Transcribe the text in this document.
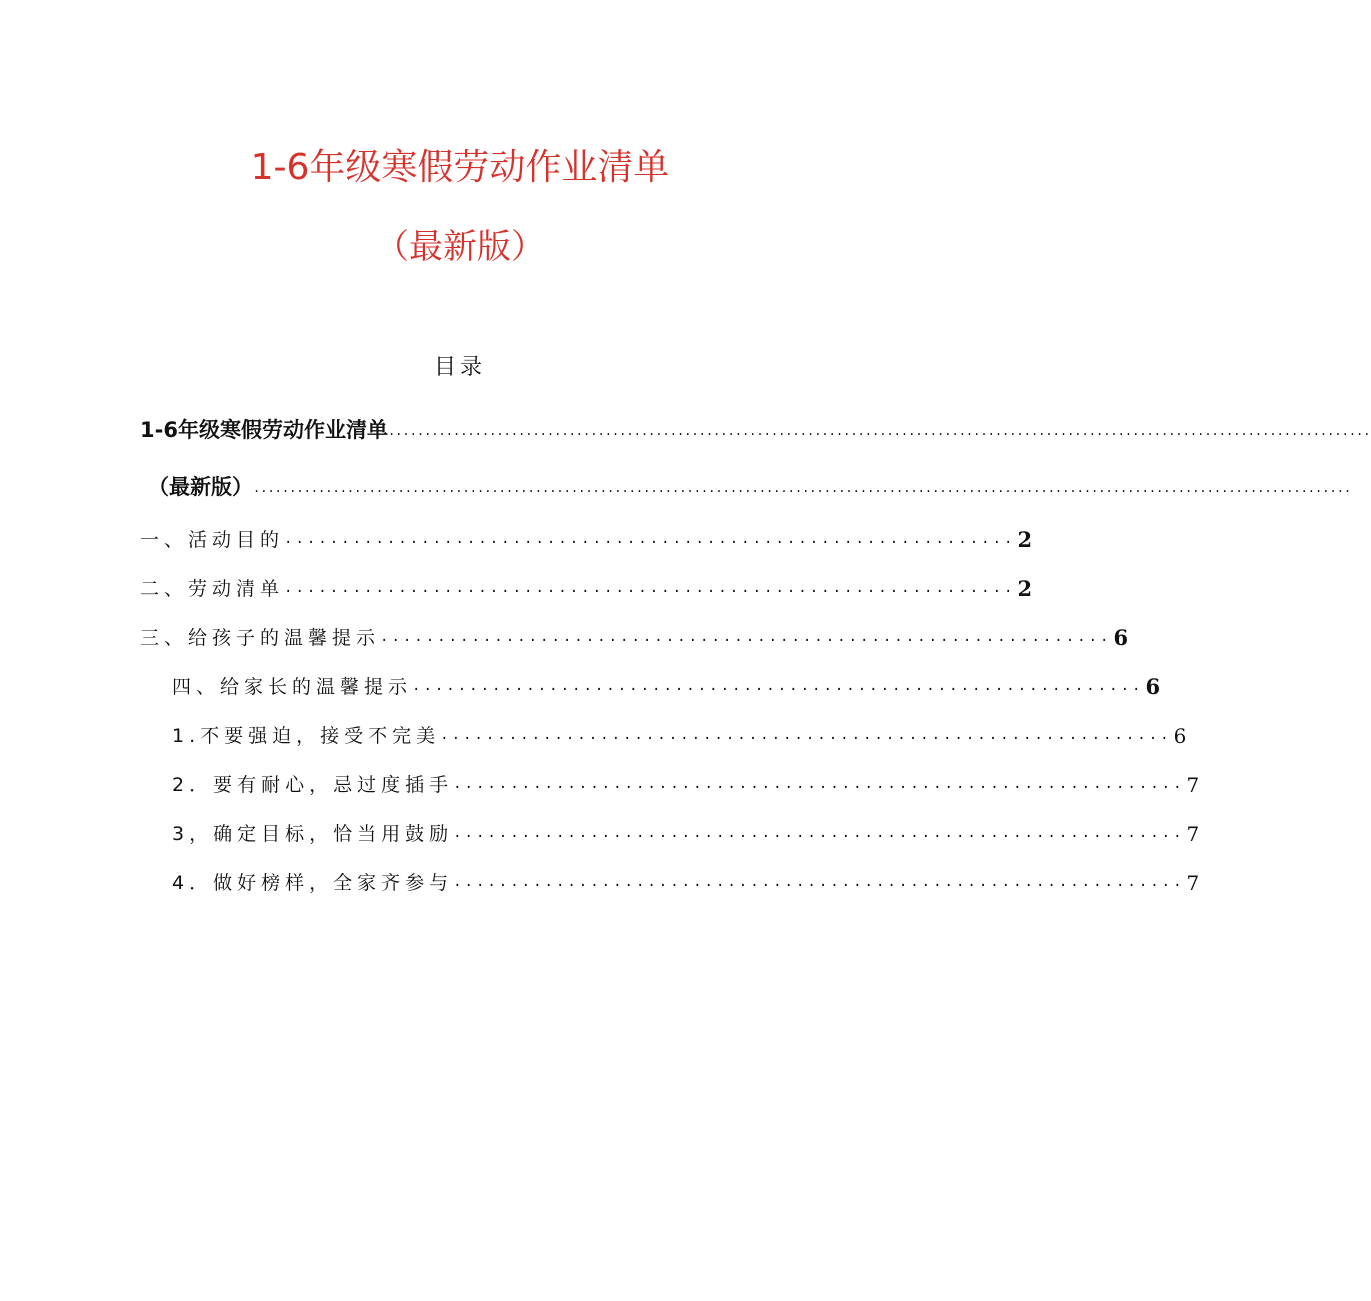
1-6年级寒假劳动作业清单
（最新版）
目录
1-6年级寒假劳动作业清单 ........................................................................................................................................
（最新版） ........................................................................................................................................................
一、活动目的 ................................................................ 2
二、劳动清单 ................................................................ 2
三、给孩子的温馨提示 ................................................................ 6
四、给家长的温馨提示 ................................................................ 6
1.不要强迫，接受不完美 ................................................................ 6
2．要有耐心，忌过度插手 ................................................................ 7
3，确定目标，恰当用鼓励 ................................................................ 7
4．做好榜样，全家齐参与 ................................................................ 7
